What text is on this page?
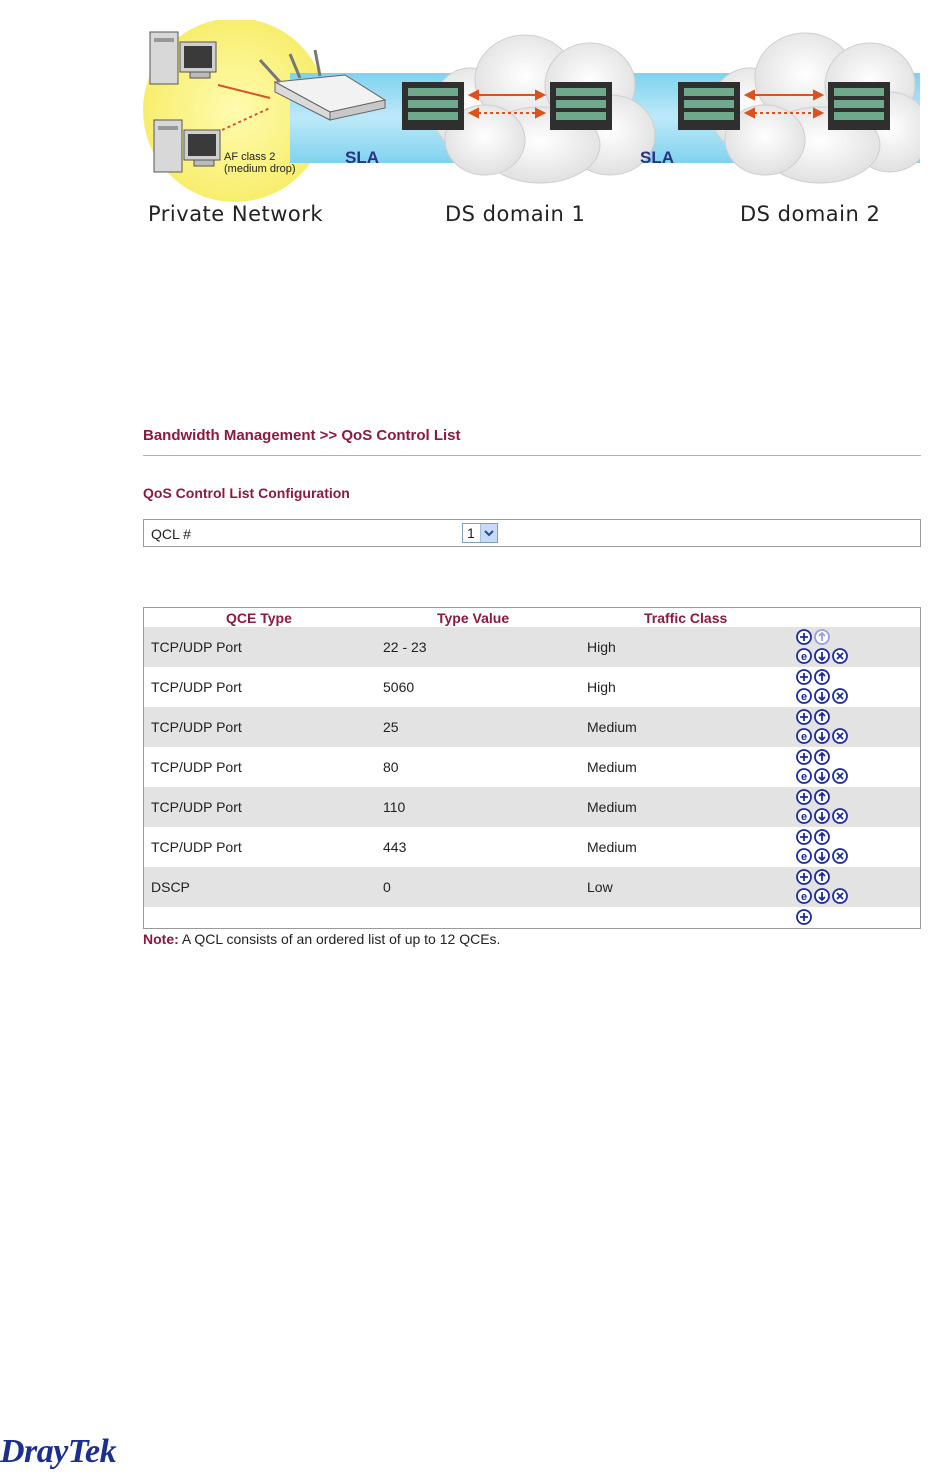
AF class 2
(medium drop)
SLA	SLA
Private Network	DS domain 1	DS domain 2
Bandwidth Management >> QoS Control List
QoS Control List Configuration
QCL #	1
QCE Type	Type Value	Traffic Class
TCP/UDP Port	22 - 23	High
e
TCP/UDP Port	5060	High
e
TCP/UDP Port	25	Medium
e
TCP/UDP Port	80	Medium
e
TCP/UDP Port	110	Medium
e
TCP/UDP Port	443	Medium
e
DSCP	0	Low
e
Note: A QCL consists of an ordered list of up to 12 QCEs.
DrayTek
